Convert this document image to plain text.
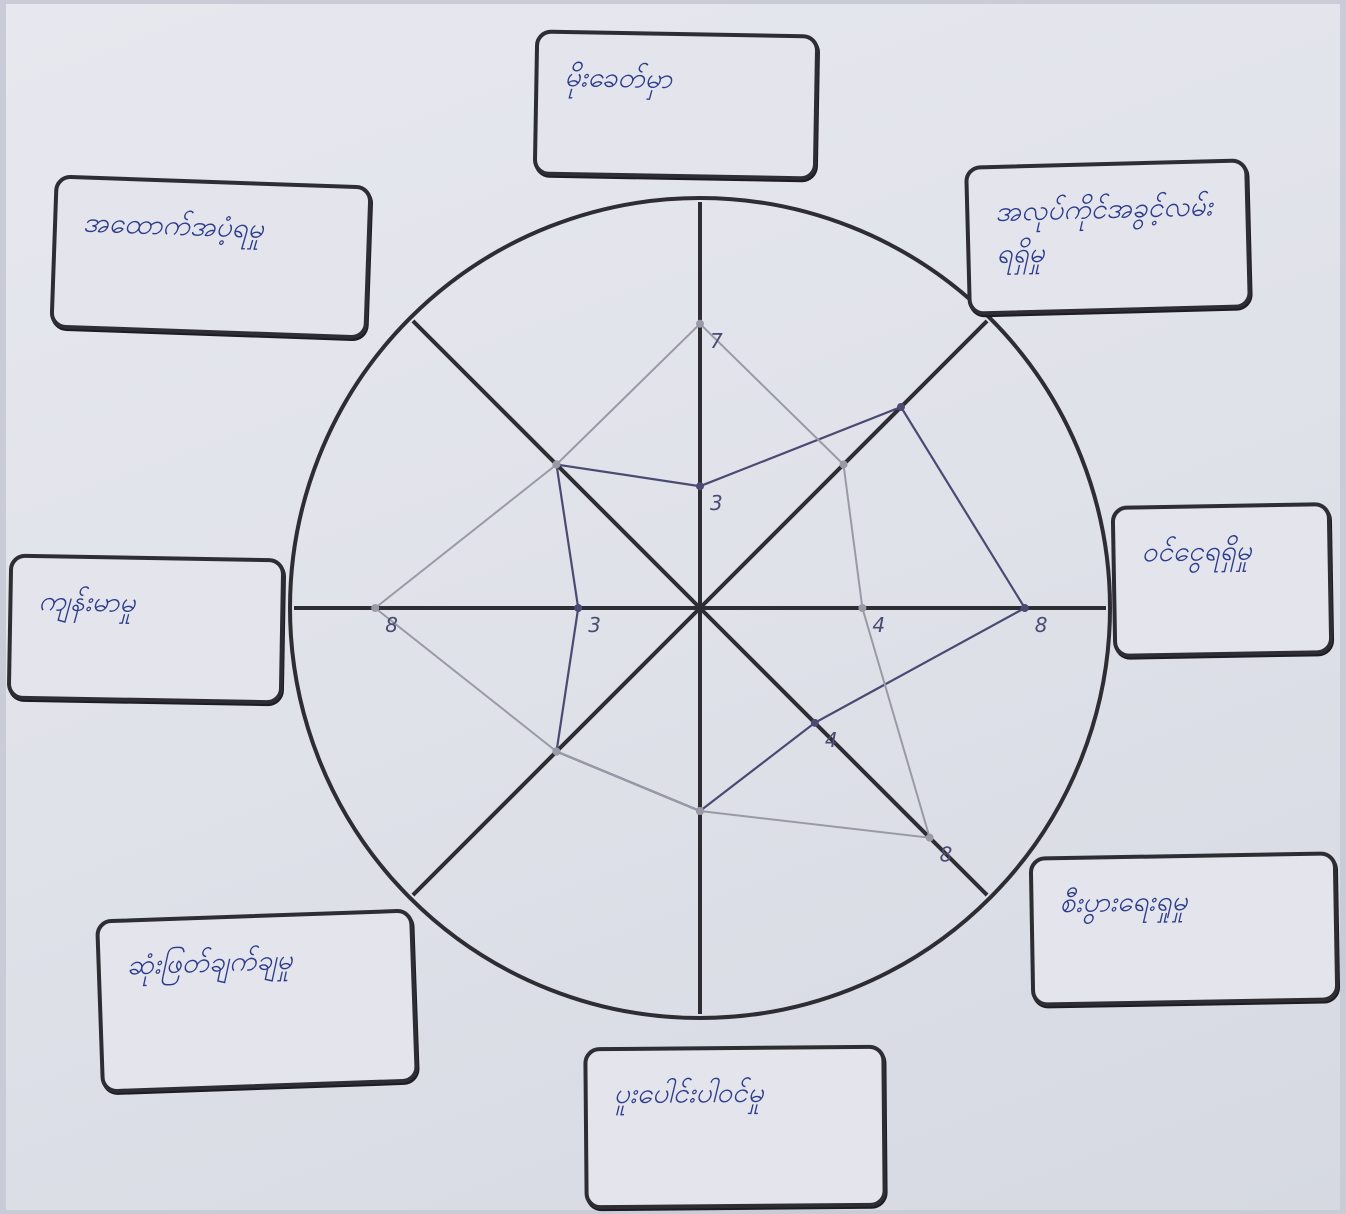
7
3
8
4
4
8
3
8
မိုးခေတ်မှာ
အလုပ်ကိုင်အခွင့်လမ်းရရှိမှု
ဝင်ငွေရရှိမှု
စီးပွားရေးရှုမှု
ပူးပေါင်းပါဝင်မှု
ဆုံးဖြတ်ချက်ချမှု
ကျန်းမာမှု
အထောက်အပံ့ရမှု
